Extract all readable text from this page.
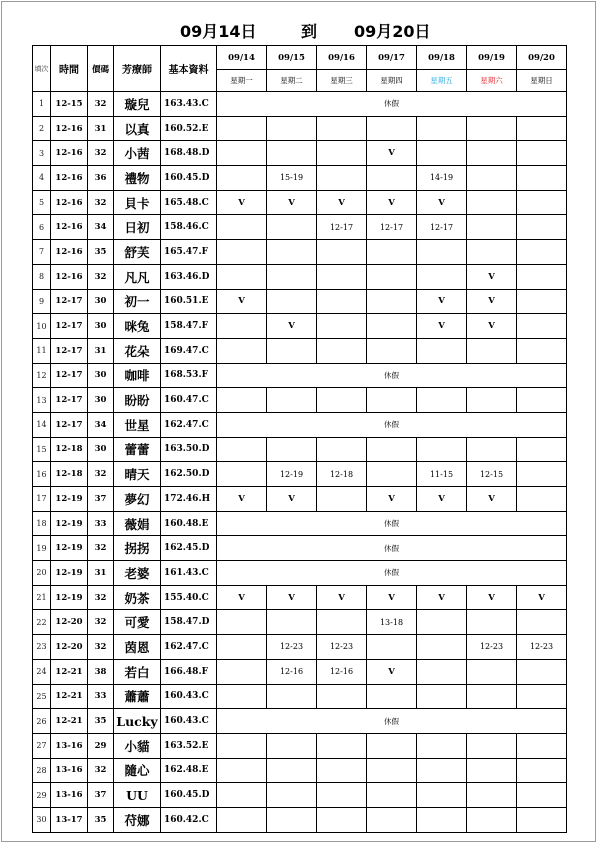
09月14日	到 09月20日
填次	時間	價碼	芳療師	基本資料	09/14	09/15	09/16	09/17	09/18	09/19	09/20
					星期一	星期二	星期三	星期四	星期五	星期六	星期日
1	12-15	32	璇兒	163.43.C	休假						
2	12-16	31	以真	160.52.E							
3	12-16	32	小茜	168.48.D				V			
4	12-16	36	禮物	160.45.D		15-19			14-19		
5	12-16	32	貝卡	165.48.C	V	V	V	V	V		
6	12-16	34	日初	158.46.C			12-17	12-17	12-17		
7	12-16	35	舒芙	165.47.F							
8	12-16	32	凡凡	163.46.D						V	
9	12-17	30	初一	160.51.E	V				V	V	
10	12-17	30	咪兔	158.47.F		V			V	V	
11	12-17	31	花朵	169.47.C							
12	12-17	30	咖啡	168.53.F	休假						
13	12-17	30	盼盼	160.47.C							
14	12-17	34	世星	162.47.C	休假						
15	12-18	30	蕾蕾	163.50.D							
16	12-18	32	晴天	162.50.D		12-19	12-18		11-15	12-15	
17	12-19	37	夢幻	172.46.H	V	V		V	V	V	
18	12-19	33	薇娟	160.48.E	休假						
19	12-19	32	拐拐	162.45.D	休假						
20	12-19	31	老婆	161.43.C	休假						
21	12-19	32	奶茶	155.40.C	V	V	V	V	V	V	V
22	12-20	32	可愛	158.47.D				13-18			
23	12-20	32	茵恩	162.47.C		12-23	12-23			12-23	12-23
24	12-21	38	若白	166.48.F		12-16	12-16	V			
25	12-21	33	蕭蕭	160.43.C							
26	12-21	35	Lucky	160.43.C	休假						
27	13-16	29	小貓	163.52.E							
28	13-16	32	隨心	162.48.E							
29	13-16	37	UU	160.45.D							
30	13-17	35	苻娜	160.42.C							
